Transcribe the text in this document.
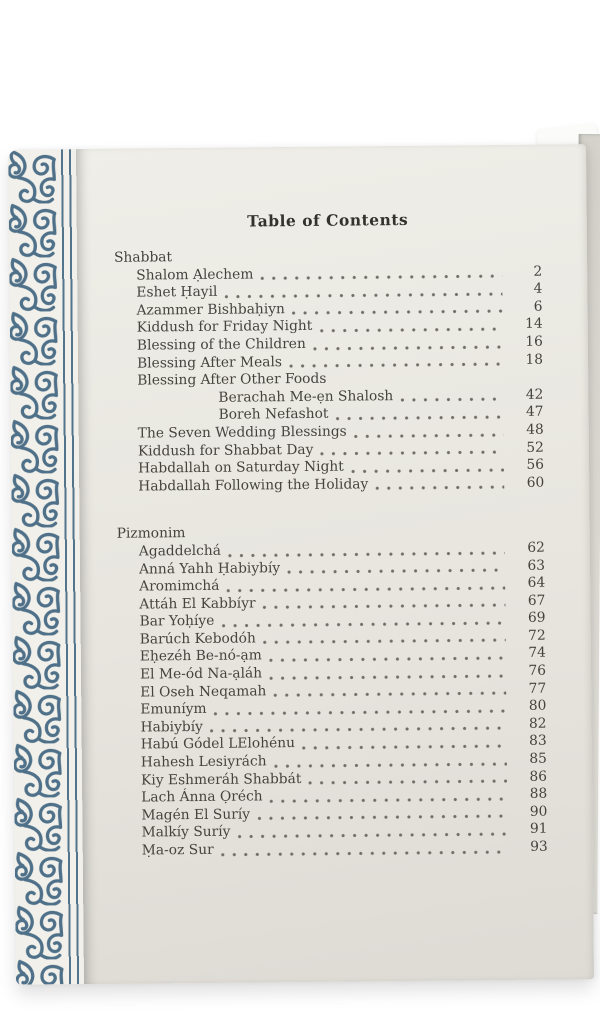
Table of Contents
Shabbat
Shalom Ạlechem	2
Eshet Ḥayil	4
Azammer Bishbaḥiyn	6
Kiddush for Friday Night	14
Blessing of the Children	16
Blessing After Meals	18
Blessing After Other Foods
Berachah Me-ẹn Shalosh	42
Boreh Nefashot	47
The Seven Wedding Blessings	48
Kiddush for Shabbat Day	52
Habdallah on Saturday Night	56
Habdallah Following the Holiday	60
Pizmonim
Agaddelchá	62
Anná Yahh Ḥabiybíy	63
Aromimchá	64
Attáh El Kabbíyr	67
Bar Yoḥíye	69
Barúch Kebodóh	72
Eḥezéh Be-nó-ạm	74
El Me-ód Na-ạláh	76
El Oseh Neqamah	77
Emuníym	80
Habiybíy	82
Habú Gódel LElohénu	83
Hahesh Lesiyrách	85
Kiy Eshmeráh Shabbát	86
Lach Ánna Ọréch	88
Magén El Suríy	90
Malkíy Suríy	91
Ṃa-oz Sur	93
